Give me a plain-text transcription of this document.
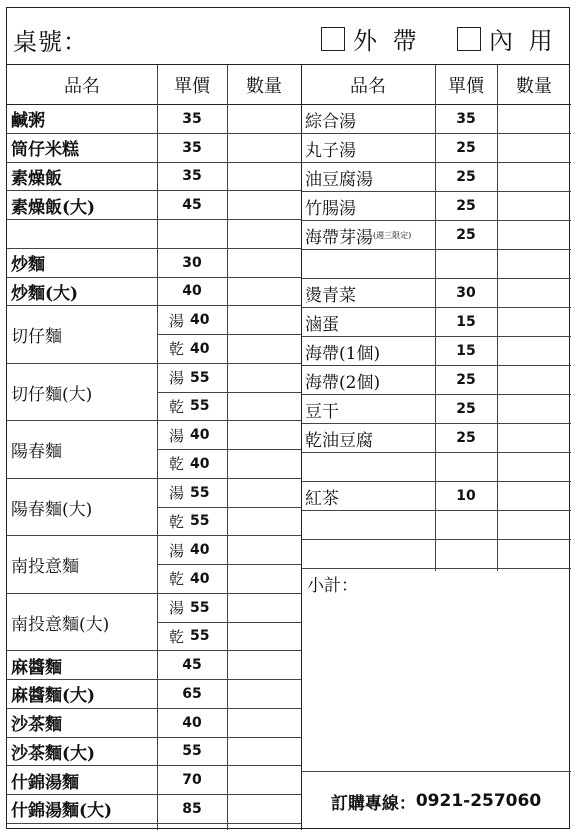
桌號：	外 帶	內 用
品名	單價	數量	品名	單價	數量
鹹粥	35
筒仔米糕	35
素燥飯	35
素燥飯(大)	45
炒麵	30
炒麵(大)	40
切仔麵
湯 40
乾 40
切仔麵(大)
湯 55
乾 55
陽春麵
湯 40
乾 40
陽春麵(大)
湯 55
乾 55
南投意麵
湯 40
乾 40
南投意麵(大)
湯 55
乾 55
麻醬麵	45
麻醬麵(大)	65
沙茶麵	40
沙茶麵(大)	55
什錦湯麵	70
什錦湯麵(大)	85
綜合湯	35
丸子湯	25
油豆腐湯	25
竹腸湯	25
海帶芽湯 (週三限定)	25
燙青菜	30
滷蛋	15
海帶(1個)	15
海帶(2個)	25
豆干	25
乾油豆腐	25
紅茶	10
小計：
訂購專線： 0921-257060
